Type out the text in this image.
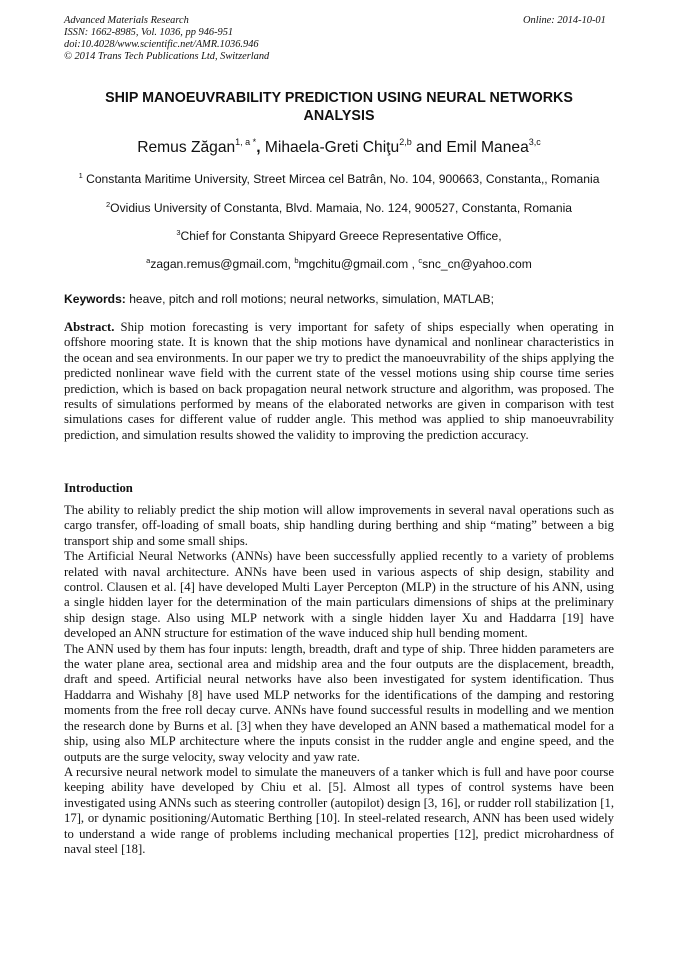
Advanced Materials Research
ISSN: 1662-8985, Vol. 1036, pp 946-951
doi:10.4028/www.scientific.net/AMR.1036.946
© 2014 Trans Tech Publications Ltd, Switzerland
Online: 2014-10-01
SHIP MANOEUVRABILITY PREDICTION USING NEURAL NETWORKS
ANALYSIS
Remus Zăgan$^{1, a *}$, Mihaela-Greti Chiţu$^{2,b}$ and Emil Manea$^{3,c}$
$^1$ Constanta Maritime University, Street Mircea cel Batrân, No. 104, 900663, Constanta,, Romania
$^2$Ovidius University of Constanta, Blvd. Mamaia, No. 124, 900527, Constanta, Romania
$^3$Chief for Constanta Shipyard Greece Representative Office,
$^a$zagan.remus@gmail.com, $^b$mgchitu@gmail.com , $^c$snc_cn@yahoo.com
Keywords: heave, pitch and roll motions; neural networks, simulation, MATLAB;

Abstract. Ship motion forecasting is very important for safety of ships especially when operating in offshore mooring state. It is known that the ship motions have dynamical and nonlinear characteristics in the ocean and sea environments. In our paper we try to predict the manoeuvrability of the ships applying the predicted nonlinear wave field with the current state of the vessel motions using ship course time series prediction, which is based on back propagation neural network structure and algorithm, was proposed. The results of simulations performed by means of the elaborated networks are given in comparison with test simulations cases for different value of rudder angle. This method was applied to ship manoeuvrability prediction, and simulation results showed the validity to improving the prediction accuracy.

Introduction

The ability to reliably predict the ship motion will allow improvements in several naval operations such as cargo transfer, off-loading of small boats, ship handling during berthing and ship “mating” between a big transport ship and some small ships.

The Artificial Neural Networks (ANNs) have been successfully applied recently to a variety of problems related with naval architecture. ANNs have been used in various aspects of ship design, stability and control. Clausen et al. [4] have developed Multi Layer Percepton (MLP) in the structure of his ANN, using a single hidden layer for the determination of the main particulars dimensions of ships at the preliminary ship design stage. Also using MLP network with a single hidden layer Xu and Haddarra [19] have developed an ANN structure for estimation of the wave induced ship hull bending moment.

The ANN used by them has four inputs: length, breadth, draft and type of ship. Three hidden parameters are the water plane area, sectional area and midship area and the four outputs are the displacement, breadth, draft and speed. Artificial neural networks have also been investigated for system identification. Thus Haddarra and Wishahy [8] have used MLP networks for the identifications of the damping and restoring moments from the free roll decay curve. ANNs have found successful results in modelling and we mention the research done by Burns et al. [3] when they have developed an ANN based a mathematical model for a ship, using also MLP architecture where the inputs consist in the rudder angle and engine speed, and the outputs are the surge velocity, sway velocity and yaw rate.

A recursive neural network model to simulate the maneuvers of a tanker which is full and have poor course keeping ability have developed by Chiu et al. [5]. Almost all types of control systems have been investigated using ANNs such as steering controller (autopilot) design [3, 16], or rudder roll stabilization [1, 17], or dynamic positioning/Automatic Berthing [10]. In steel-related research, ANN has been used widely to understand a wide range of problems including mechanical properties [12], predict microhardness of naval steel [18].
